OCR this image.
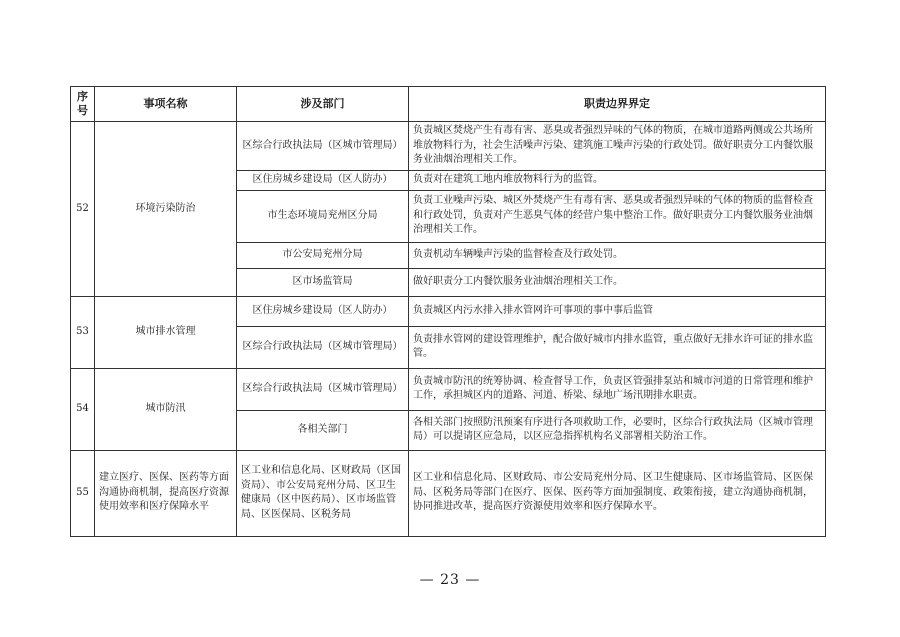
序
号	事项名称	涉及部门	职责边界界定
52	环境污染防治	区综合行政执法局（区城市管理局）	负责城区焚烧产生有毒有害、恶臭或者强烈异味的气体的物质，在城市道路两侧或公共场所堆放物料行为，社会生活噪声污染、建筑施工噪声污染的行政处罚。做好职责分工内餐饮服务业油烟治理相关工作。
		区住房城乡建设局（区人防办）	负责对在建筑工地内堆放物料行为的监管。
		市生态环境局兖州区分局	负责工业噪声污染、城区外焚烧产生有毒有害、恶臭或者强烈异味的气体的物质的监督检查和行政处罚，负责对产生恶臭气体的经营户集中整治工作。做好职责分工内餐饮服务业油烟治理相关工作。
		市公安局兖州分局	负责机动车辆噪声污染的监督检查及行政处罚。
		区市场监管局	做好职责分工内餐饮服务业油烟治理相关工作。
53	城市排水管理	区住房城乡建设局（区人防办）	负责城区内污水排入排水管网许可事项的事中事后监管
		区综合行政执法局（区城市管理局）	负责排水管网的建设管理维护，配合做好城市内排水监管，重点做好无排水许可证的排水监管。
54	城市防汛	区综合行政执法局（区城市管理局）	负责城市防汛的统筹协调、检查督导工作，负责区管强排泵站和城市河道的日常管理和维护工作，承担城区内的道路、河道、桥梁、绿地广场汛期排水职责。
		各相关部门	各相关部门按照防汛预案有序进行各项救助工作，必要时，区综合行政执法局（区城市管理局）可以提请区应急局，以区应急指挥机构名义部署相关防治工作。
55	建立医疗、医保、医药等方面沟通协商机制，提高医疗资源使用效率和医疗保障水平	区工业和信息化局、区财政局（区国资局）、市公安局兖州分局、区卫生健康局（区中医药局）、区市场监管局、区医保局、区税务局	区工业和信息化局、区财政局、市公安局兖州分局、区卫生健康局、区市场监管局、区医保局、区税务局等部门在医疗、医保、医药等方面加强制度、政策衔接，建立沟通协商机制，协同推进改革，提高医疗资源使用效率和医疗保障水平。
— 23 —
